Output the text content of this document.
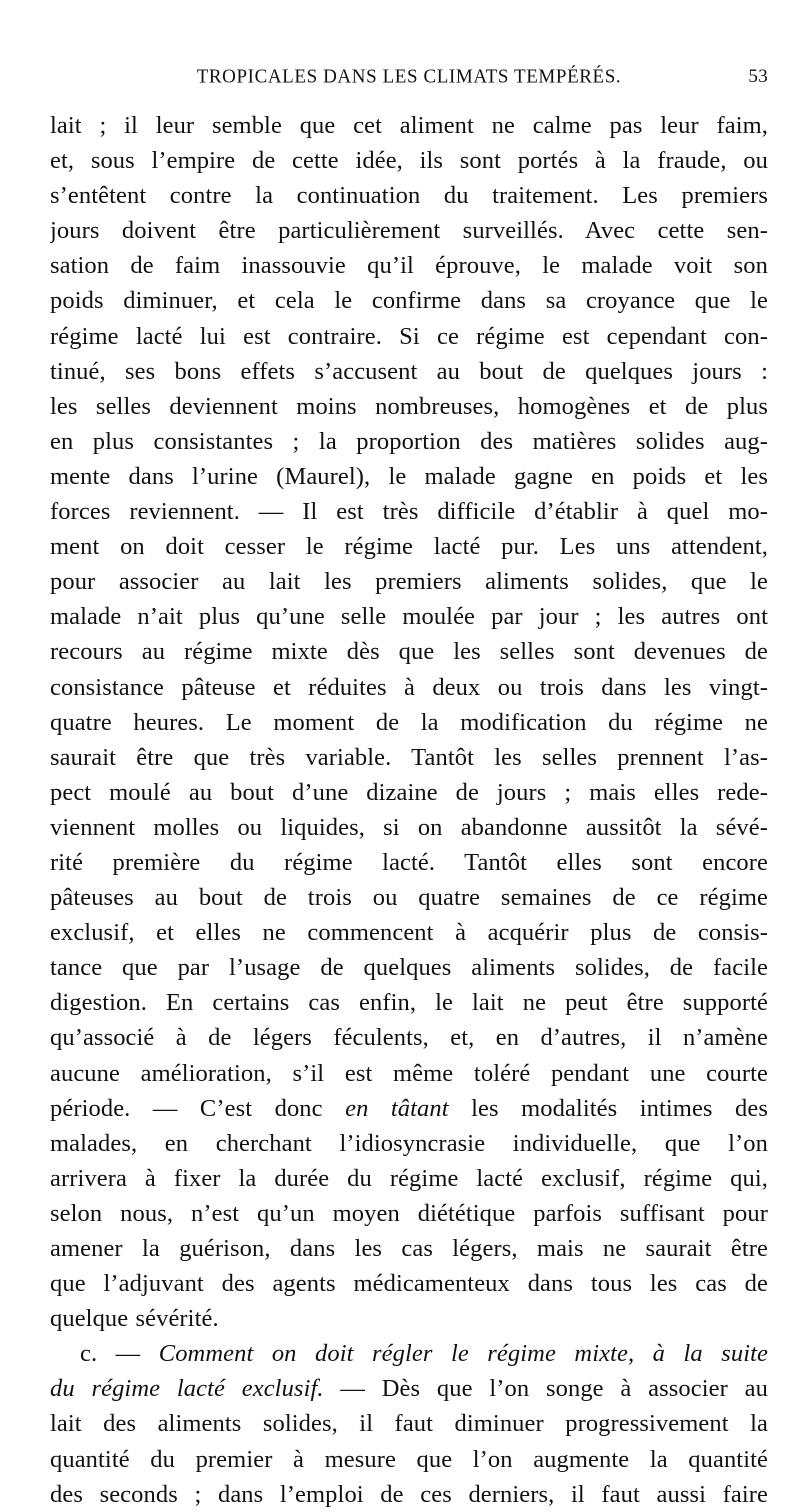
TROPICALES DANS LES CLIMATS TEMPÉRÉS.	53
lait ; il leur semble que cet aliment ne calme pas leur faim,
et, sous l’empire de cette idée, ils sont portés à la fraude, ou
s’entêtent contre la continuation du traitement. Les premiers
jours doivent être particulièrement surveillés. Avec cette sen-
sation de faim inassouvie qu’il éprouve, le malade voit son
poids diminuer, et cela le confirme dans sa croyance que le
régime lacté lui est contraire. Si ce régime est cependant con-
tinué, ses bons effets s’accusent au bout de quelques jours :
les selles deviennent moins nombreuses, homogènes et de plus
en plus consistantes ; la proportion des matières solides aug-
mente dans l’urine (Maurel), le malade gagne en poids et les
forces reviennent. — Il est très difficile d’établir à quel mo-
ment on doit cesser le régime lacté pur. Les uns attendent,
pour associer au lait les premiers aliments solides, que le
malade n’ait plus qu’une selle moulée par jour ; les autres ont
recours au régime mixte dès que les selles sont devenues de
consistance pâteuse et réduites à deux ou trois dans les vingt-
quatre heures. Le moment de la modification du régime ne
saurait être que très variable. Tantôt les selles prennent l’as-
pect moulé au bout d’une dizaine de jours ; mais elles rede-
viennent molles ou liquides, si on abandonne aussitôt la sévé-
rité première du régime lacté. Tantôt elles sont encore
pâteuses au bout de trois ou quatre semaines de ce régime
exclusif, et elles ne commencent à acquérir plus de consis-
tance que par l’usage de quelques aliments solides, de facile
digestion. En certains cas enfin, le lait ne peut être supporté
qu’associé à de légers féculents, et, en d’autres, il n’amène
aucune amélioration, s’il est même toléré pendant une courte
période. — C’est donc en tâtant les modalités intimes des
malades, en cherchant l’idiosyncrasie individuelle, que l’on
arrivera à fixer la durée du régime lacté exclusif, régime qui,
selon nous, n’est qu’un moyen diététique parfois suffisant pour
amener la guérison, dans les cas légers, mais ne saurait être
que l’adjuvant des agents médicamenteux dans tous les cas de
quelque sévérité.
c. — Comment on doit régler le régime mixte, à la suite
du régime lacté exclusif. — Dès que l’on songe à associer au
lait des aliments solides, il faut diminuer progressivement la
quantité du premier à mesure que l’on augmente la quantité
des seconds ; dans l’emploi de ces derniers, il faut aussi faire
